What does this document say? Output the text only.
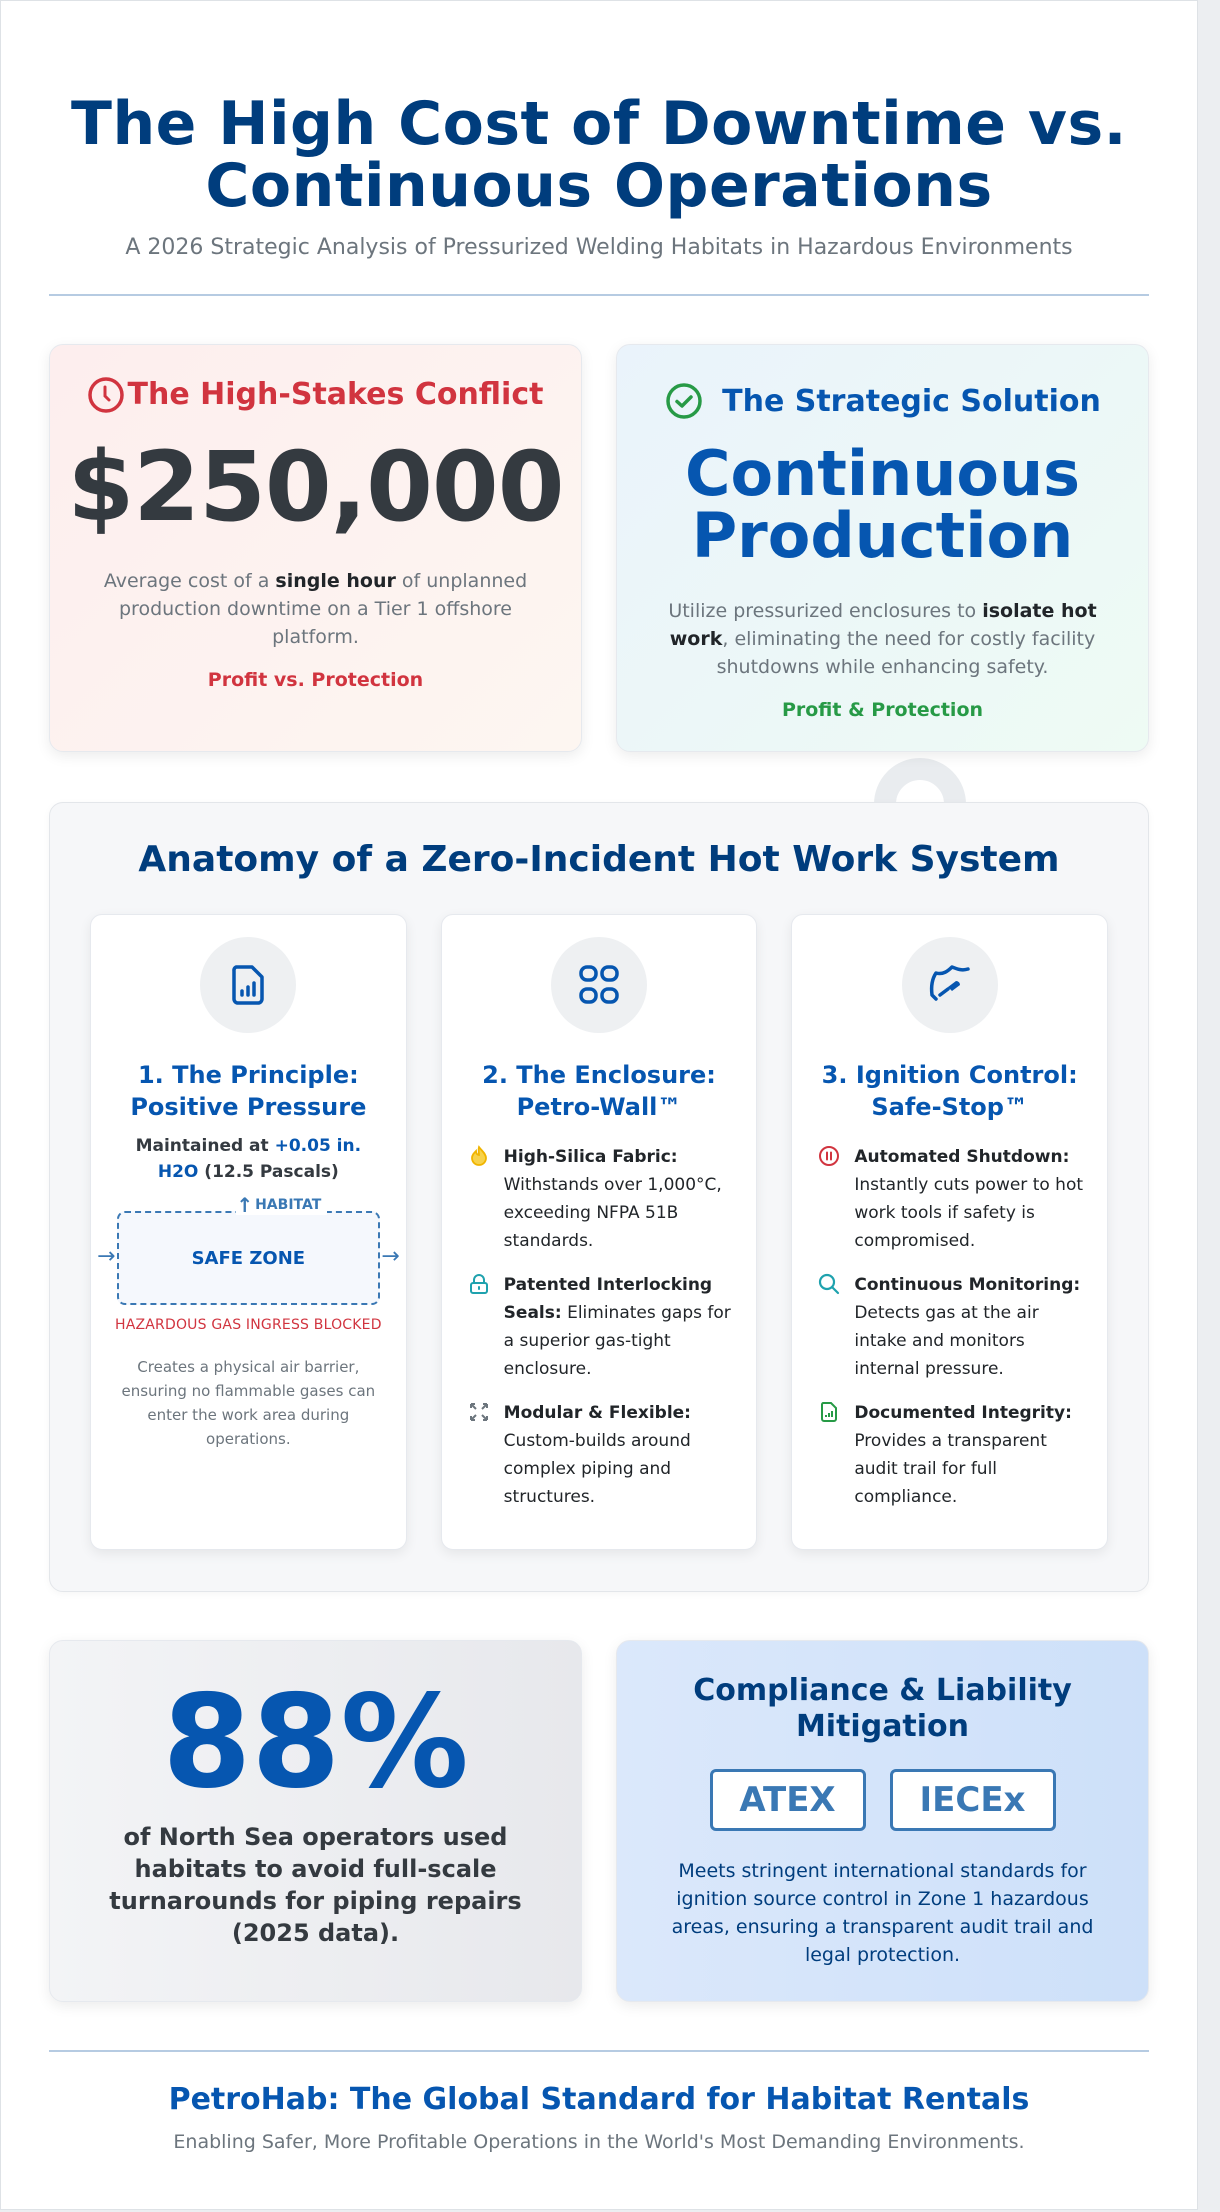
The High Cost of Downtime vs.
Continuous Operations

A 2026 Strategic Analysis of Pressurized Welding Habitats in Hazardous Environments

The High-Stakes Conflict
$250,000

Average cost of a single hour of unplanned production downtime on a Tier 1 offshore platform.

Profit vs. Protection
The Strategic Solution
Continuous
Production

Utilize pressurized enclosures to isolate hot work, eliminating the need for costly facility shutdowns while enhancing safety.

Profit & Protection
Anatomy of a Zero-Incident Hot Work System
1. The Principle:
Positive Pressure

Maintained at +0.05 in. H2O (12.5 Pascals)

SAFE ZONE
↑ HABITAT
→	→
HAZARDOUS GAS INGRESS BLOCKED

Creates a physical air barrier, ensuring no flammable gases can enter the work area during operations.

2. The Enclosure:
Petro-Wall™

High-Silica Fabric: Withstands over 1,000°C, exceeding NFPA 51B standards.

Patented Interlocking Seals: Eliminates gaps for a superior gas-tight enclosure.

Modular & Flexible: Custom-builds around complex piping and structures.

3. Ignition Control:
Safe-Stop™

Automated Shutdown: Instantly cuts power to hot work tools if safety is compromised.

Continuous Monitoring: Detects gas at the air intake and monitors internal pressure.

Documented Integrity: Provides a transparent audit trail for full compliance.

88%

of North Sea operators used habitats to avoid full-scale turnarounds for piping repairs (2025 data).

Compliance & Liability Mitigation
ATEX	IECEx

Meets stringent international standards for ignition source control in Zone 1 hazardous areas, ensuring a transparent audit trail and legal protection.

PetroHab: The Global Standard for Habitat Rentals

Enabling Safer, More Profitable Operations in the World's Most Demanding Environments.
